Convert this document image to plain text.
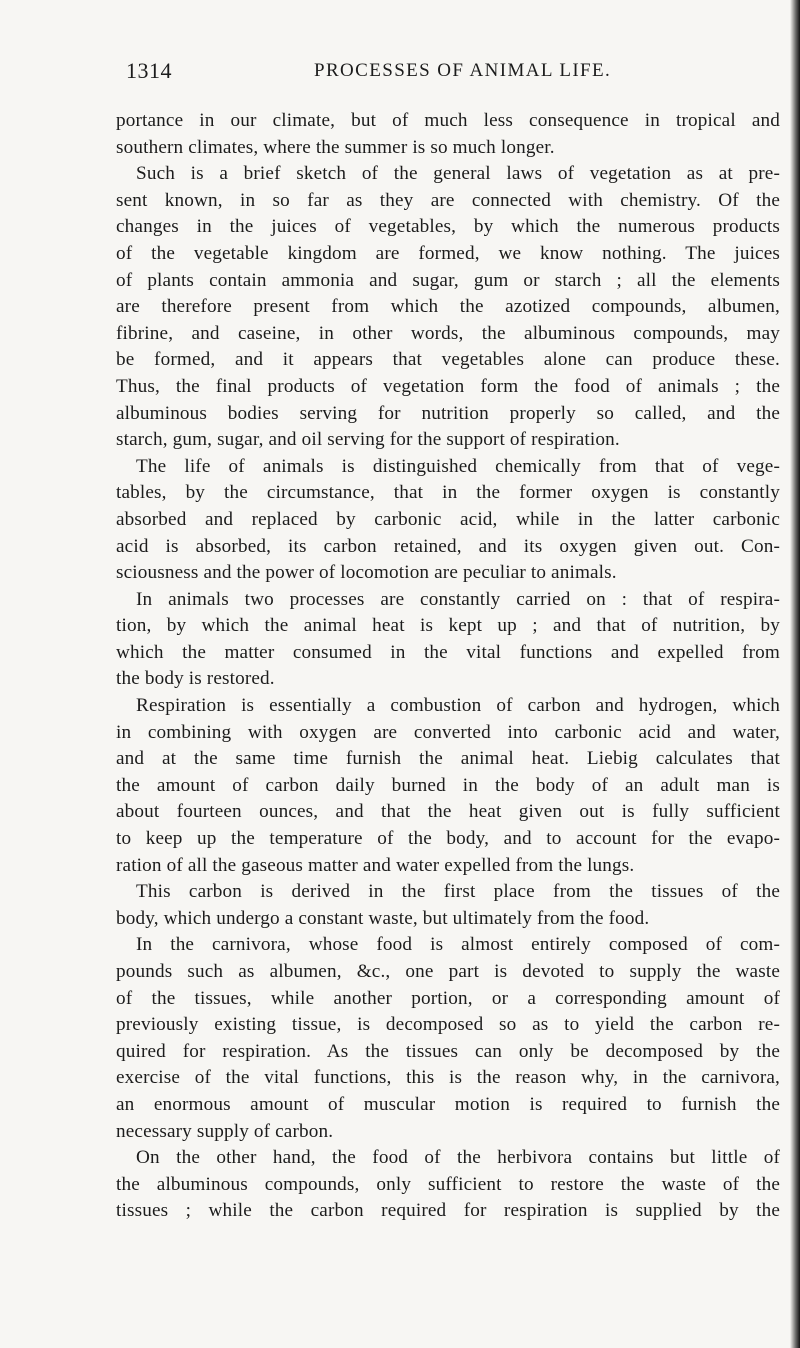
1314	PROCESSES OF ANIMAL LIFE.
portance in our climate, but of much less consequence in tropical and
southern climates, where the summer is so much longer.
Such is a brief sketch of the general laws of vegetation as at pre-
sent known, in so far as they are connected with chemistry. Of the
changes in the juices of vegetables, by which the numerous products
of the vegetable kingdom are formed, we know nothing. The juices
of plants contain ammonia and sugar, gum or starch ; all the elements
are therefore present from which the azotized compounds, albumen,
fibrine, and caseine, in other words, the albuminous compounds, may
be formed, and it appears that vegetables alone can produce these.
Thus, the final products of vegetation form the food of animals ; the
albuminous bodies serving for nutrition properly so called, and the
starch, gum, sugar, and oil serving for the support of respiration.
The life of animals is distinguished chemically from that of vege-
tables, by the circumstance, that in the former oxygen is constantly
absorbed and replaced by carbonic acid, while in the latter carbonic
acid is absorbed, its carbon retained, and its oxygen given out. Con-
sciousness and the power of locomotion are peculiar to animals.
In animals two processes are constantly carried on : that of respira-
tion, by which the animal heat is kept up ; and that of nutrition, by
which the matter consumed in the vital functions and expelled from
the body is restored.
Respiration is essentially a combustion of carbon and hydrogen, which
in combining with oxygen are converted into carbonic acid and water,
and at the same time furnish the animal heat. Liebig calculates that
the amount of carbon daily burned in the body of an adult man is
about fourteen ounces, and that the heat given out is fully sufficient
to keep up the temperature of the body, and to account for the evapo-
ration of all the gaseous matter and water expelled from the lungs.
This carbon is derived in the first place from the tissues of the
body, which undergo a constant waste, but ultimately from the food.
In the carnivora, whose food is almost entirely composed of com-
pounds such as albumen, &c., one part is devoted to supply the waste
of the tissues, while another portion, or a corresponding amount of
previously existing tissue, is decomposed so as to yield the carbon re-
quired for respiration. As the tissues can only be decomposed by the
exercise of the vital functions, this is the reason why, in the carnivora,
an enormous amount of muscular motion is required to furnish the
necessary supply of carbon.
On the other hand, the food of the herbivora contains but little of
the albuminous compounds, only sufficient to restore the waste of the
tissues ; while the carbon required for respiration is supplied by the
